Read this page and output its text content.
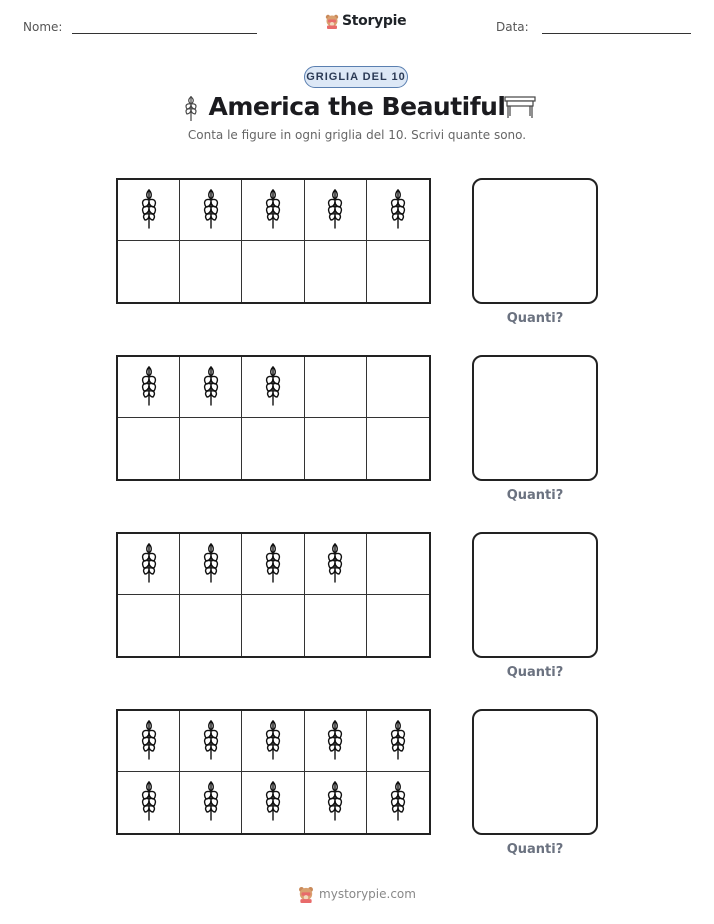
Nome:	Storypie	Data:
GRIGLIA DEL 10
America the Beautiful
Conta le figure in ogni griglia del 10. Scrivi quante sono.
Quanti?
Quanti?
Quanti?
Quanti?
mystorypie.com
